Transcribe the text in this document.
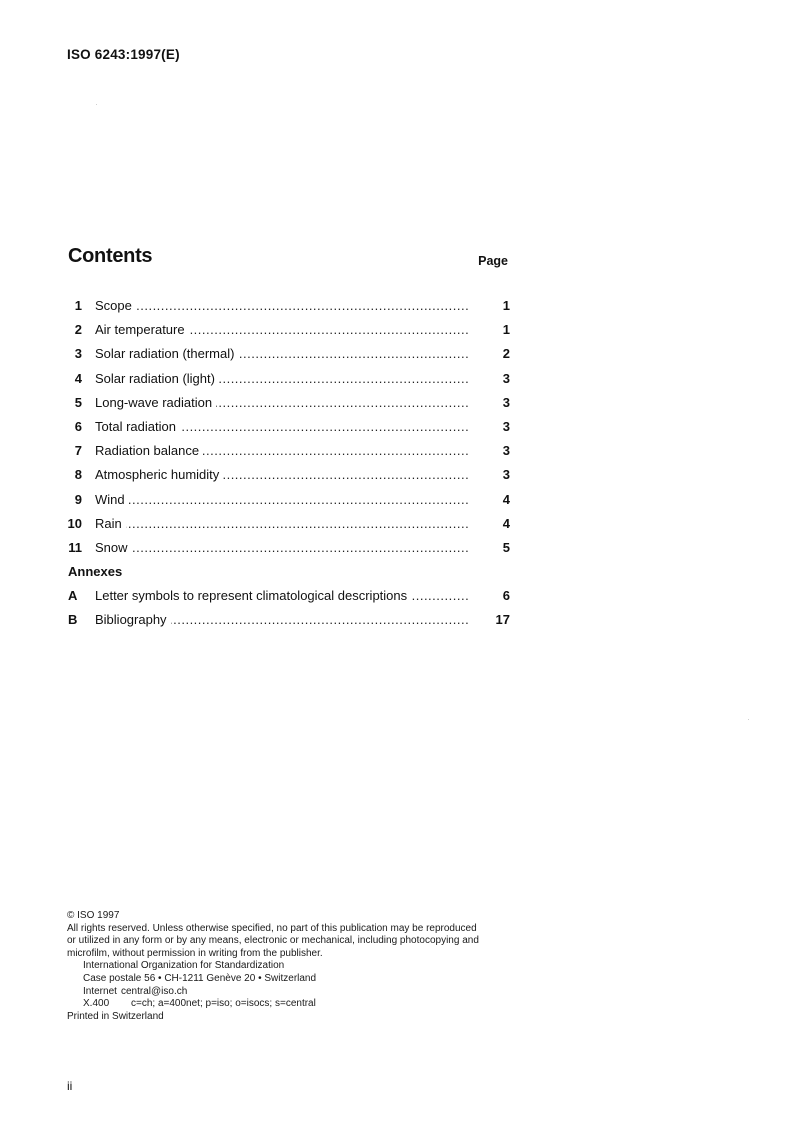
ISO 6243:1997(E)
Contents	Page
1 Scope .....	1
2 Air temperature .....	1
3 Solar radiation (thermal) .....	2
4 Solar radiation (light) .....	3
5 Long-wave radiation .....	3
6 Total radiation .....	3
7 Radiation balance .....	3
8 Atmospheric humidity .....	3
9 Wind .....	4
10 Rain .....	4
11 Snow .....	5
Annexes
A	Letter symbols to represent climatological descriptions .....	6
B	Bibliography .....	17
© ISO 1997
All rights reserved. Unless otherwise specified, no part of this publication may be reproduced
or utilized in any form or by any means, electronic or mechanical, including photocopying and
microfilm, without permission in writing from the publisher.
International Organization for Standardization
Case postale 56 • CH-1211 Genève 20 • Switzerland
Internet central@iso.ch
X.400 c=ch; a=400net; p=iso; o=isocs; s=central
Printed in Switzerland
ii
